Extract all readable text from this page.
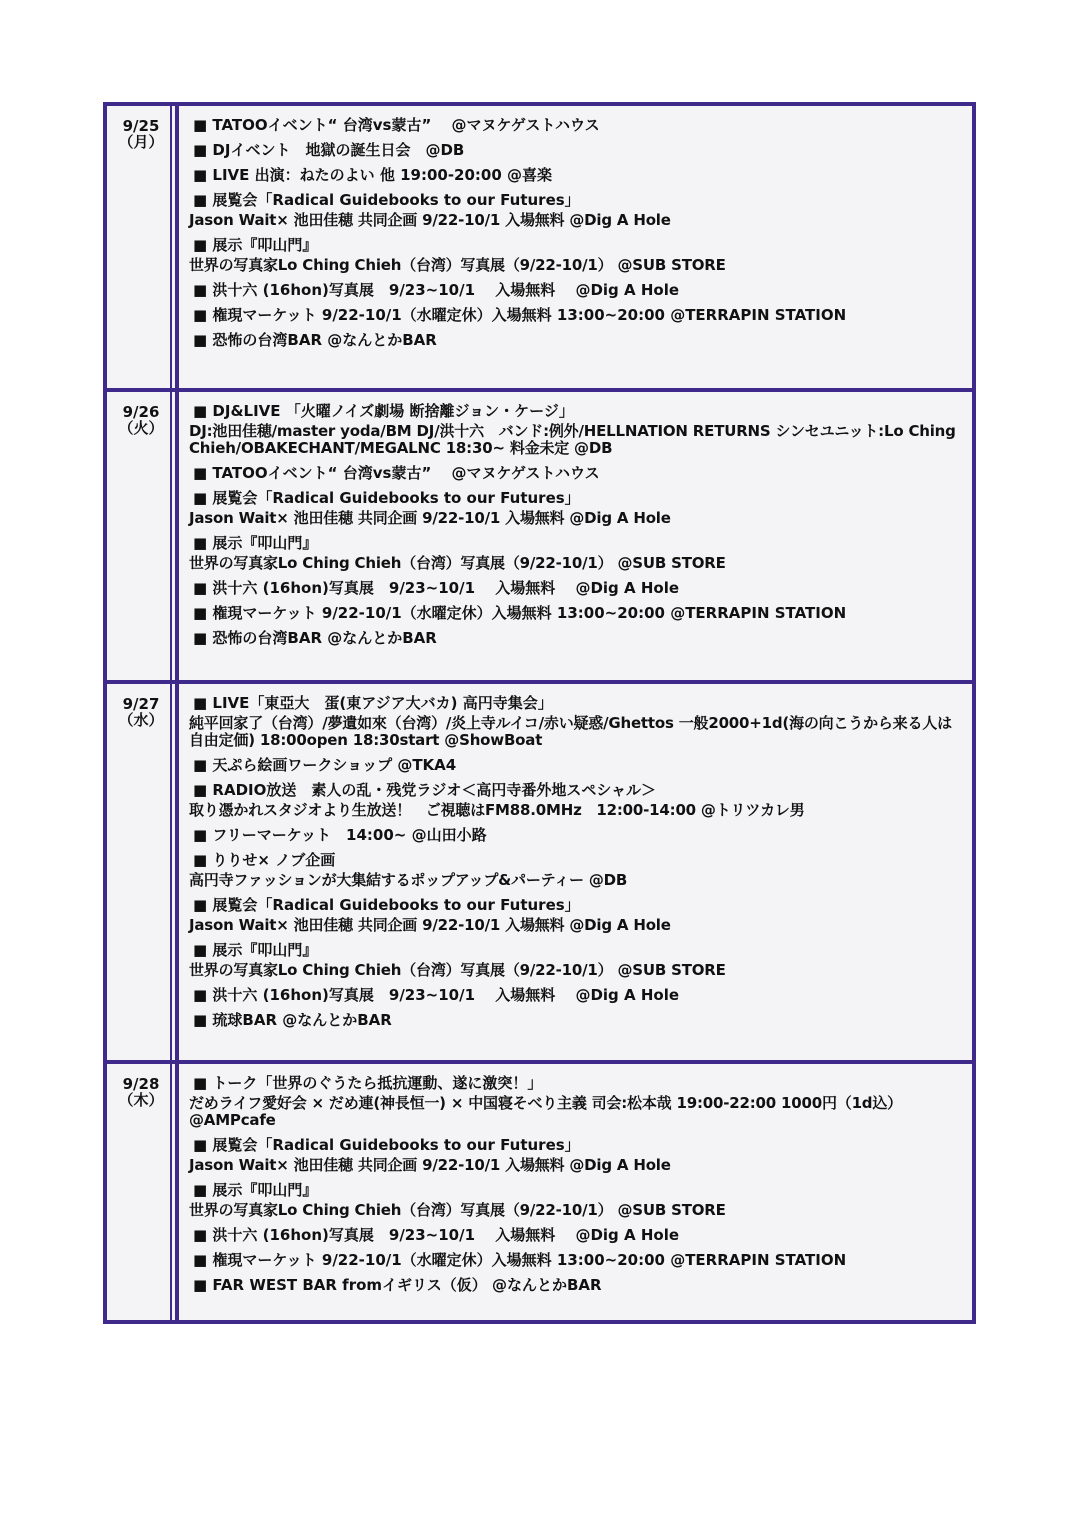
9/25
（月）
■ TATOOイベント“ 台湾vs蒙古”　 @マヌケゲストハウス
■ DJイベント　地獄の誕生日会　@DB
■ LIVE 出演：ねたのよい 他 19:00-20:00 @喜楽
■ 展覧会「Radical Guidebooks to our Futures」
Jason Wait× 池田佳穂 共同企画 9/22-10/1 入場無料 @Dig A Hole
■ 展示『叩山門』
世界の写真家Lo Ching Chieh（台湾）写真展（9/22-10/1） @SUB STORE
■ 洪十六 (16hon)写真展　9/23~10/1　 入場無料　 @Dig A Hole
■ 権現マーケット 9/22-10/1（水曜定休）入場無料 13:00~20:00 @TERRAPIN STATION
■ 恐怖の台湾BAR @なんとかBAR
9/26
（火）
■ DJ&LIVE 「火曜ノイズ劇場 断捨離ジョン・ケージ」
DJ:池田佳穂/master yoda/BM DJ/洪十六　バンド:例外/HELLNATION RETURNS シンセユニット:Lo Ching Chieh/OBAKECHANT/MEGALNC 18:30~ 料金未定 @DB
■ TATOOイベント“ 台湾vs蒙古”　 @マヌケゲストハウス
■ 展覧会「Radical Guidebooks to our Futures」
Jason Wait× 池田佳穂 共同企画 9/22-10/1 入場無料 @Dig A Hole
■ 展示『叩山門』
世界の写真家Lo Ching Chieh（台湾）写真展（9/22-10/1） @SUB STORE
■ 洪十六 (16hon)写真展　9/23~10/1　 入場無料　 @Dig A Hole
■ 権現マーケット 9/22-10/1（水曜定休）入場無料 13:00~20:00 @TERRAPIN STATION
■ 恐怖の台湾BAR @なんとかBAR
9/27
（水）
■ LIVE「東亞大　蛋(東アジア大バカ) 高円寺集会」
純平回家了（台湾）/夢遺如來（台湾）/炎上寺ルイコ/赤い疑惑/Ghettos 一般2000+1d(海の向こうから来る人は自由定価) 18:00open 18:30start @ShowBoat
■ 天ぷら絵画ワークショップ @TKA4
■ RADIO放送　素人の乱・残党ラジオ＜高円寺番外地スペシャル＞
取り憑かれスタジオより生放送！　ご視聴はFM88.0MHz　12:00-14:00 @トリツカレ男
■ フリーマーケット　14:00~ @山田小路
■ りりせ× ノブ企画
高円寺ファッションが大集結するポップアップ&パーティー @DB
■ 展覧会「Radical Guidebooks to our Futures」
Jason Wait× 池田佳穂 共同企画 9/22-10/1 入場無料 @Dig A Hole
■ 展示『叩山門』
世界の写真家Lo Ching Chieh（台湾）写真展（9/22-10/1） @SUB STORE
■ 洪十六 (16hon)写真展　9/23~10/1　 入場無料　 @Dig A Hole
■ 琉球BAR @なんとかBAR
9/28
（木）
■ トーク「世界のぐうたら抵抗運動、遂に激突！」
だめライフ愛好会 × だめ連(神長恒一) × 中国寝そべり主義 司会:松本哉 19:00-22:00 1000円（1d込） @AMPcafe
■ 展覧会「Radical Guidebooks to our Futures」
Jason Wait× 池田佳穂 共同企画 9/22-10/1 入場無料 @Dig A Hole
■ 展示『叩山門』
世界の写真家Lo Ching Chieh（台湾）写真展（9/22-10/1） @SUB STORE
■ 洪十六 (16hon)写真展　9/23~10/1　 入場無料　 @Dig A Hole
■ 権現マーケット 9/22-10/1（水曜定休）入場無料 13:00~20:00 @TERRAPIN STATION
■ FAR WEST BAR fromイギリス（仮） @なんとかBAR
